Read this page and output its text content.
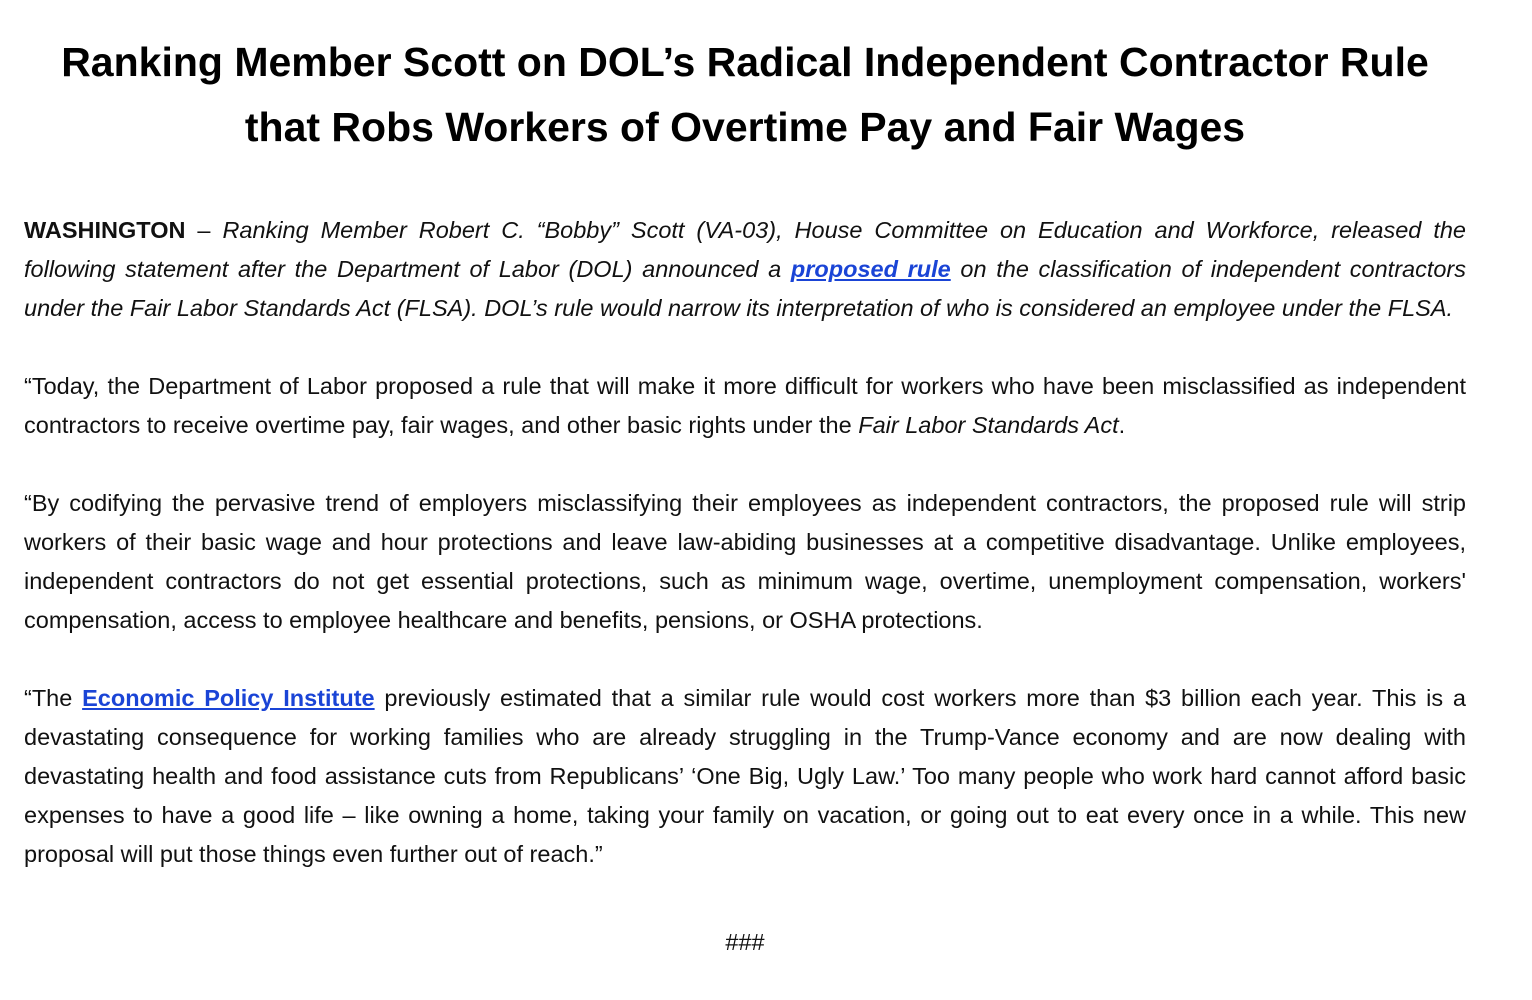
Ranking Member Scott on DOL’s Radical Independent Contractor Rule
that Robs Workers of Overtime Pay and Fair Wages

WASHINGTON – Ranking Member Robert C. “Bobby” Scott (VA-03), House Committee on Education and Workforce, released the following statement after the Department of Labor (DOL) announced a proposed rule on the classification of independent contractors under the Fair Labor Standards Act (FLSA). DOL’s rule would narrow its interpretation of who is considered an employee under the FLSA.

“Today, the Department of Labor proposed a rule that will make it more difficult for workers who have been misclassified as independent contractors to receive overtime pay, fair wages, and other basic rights under the Fair Labor Standards Act.

“By codifying the pervasive trend of employers misclassifying their employees as independent contractors, the proposed rule will strip workers of their basic wage and hour protections and leave law-abiding businesses at a competitive disadvantage. Unlike employees, independent contractors do not get essential protections, such as minimum wage, overtime, unemployment compensation, workers' compensation, access to employee healthcare and benefits, pensions, or OSHA protections.

“The Economic Policy Institute previously estimated that a similar rule would cost workers more than $3 billion each year. This is a devastating consequence for working families who are already struggling in the Trump-Vance economy and are now dealing with devastating health and food assistance cuts from Republicans’ ‘One Big, Ugly Law.’ Too many people who work hard cannot afford basic expenses to have a good life – like owning a home, taking your family on vacation, or going out to eat every once in a while. This new proposal will put those things even further out of reach.”

###
